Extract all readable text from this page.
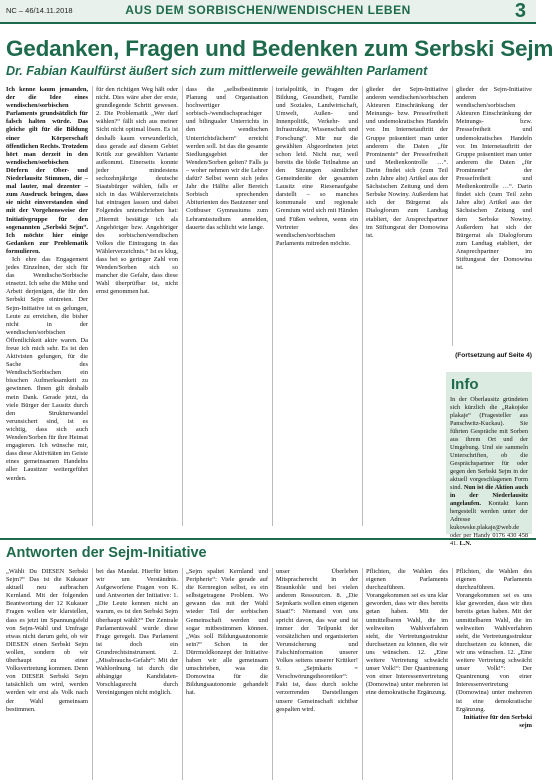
NC – 46/14.11.2018	AUS DEM SORBISCHEN/WENDISCHEN LEBEN	3
Gedanken, Fragen und Bedenken zum Serbski Sejm
Dr. Fabian Kaulfürst äußert sich zum mittlerweile gewählten Parlament

Ich kenne kaum jemanden, der die Idee eines wendischen/sorbischen Parlaments grundsätzlich für falsch halten würde. Das gleiche gilt für die Bildung einer Körperschaft öffentlichen Rechts. Trotzdem hört man derzeit in den wendischen/sorbischen Dörfern der Ober- und Niederlausitz Stimmen, die – mal lauter, mal dezenter – zum Ausdruck bringen, dass sie nicht einverstanden sind mit der Vorgehensweise der Initiativgruppe für den sogenannten „Serbski Sejm“. Ich möchte hier einige Gedanken zur Problematik formulieren.

Ich ehre das Engagement jedes Einzelnen, der sich für das Wendische/Sorbische einsetzt. Ich sehe die Mühe und Arbeit derjenigen, die für den Serbski Sejm eintreten. Der Sejm-Initiative ist es gelungen, Leute zu erreichen, die bisher nicht in der wendischen/sorbischen Öffentlichkeit aktiv waren. Da freue ich mich sehr. Es ist den Aktivisten gelungen, für die Sache des Wendisch/Sorbischen ein bisschen Aufmerksamkeit zu gewinnen. Ihnen gilt deshalb mein Dank. Gerade jetzt, da viele Bürger der Lausitz durch den Strukturwandel verunsichert sind, ist es wichtig, dass sich auch Wenden/Sorben für ihre Heimat engagieren. Ich wünsche mir, dass diese Aktivitäten im Geiste eines gemeinsamen Handelns aller Lausitzer weitergeführt werden.

für den richtigen Weg hält oder nicht. Dies wäre aber der erste, grundlegende Schritt gewesen. 2. Die Problematik „Wer darf wählen?“ fällt sich aus meiner Sicht nicht optimal lösen. Es ist deshalb kaum verwunderlich, dass gerade auf diesem Gebiet Kritik zur gewählten Variante aufkommt. Einerseits konnte jeder mindestens sechzehnjährige deutsche Staatsbürger wählen, falls er sich in das Wählerverzeichnis hat eintragen lassen und dabei Folgendes unterschrieben hat: „Hiermit bestätige ich als Angehöriger bzw. Angehöriger des sorbischen/wendischen Volkes die Eintragung in das Wählerverzeichnis.“ Ist es klug, dass bei so geringer Zahl von Wenden/Sorben sich so mancher die Gefahr, dass diese Wahl überprüfbar ist, nicht ernst genommen hat.

dass die „selbstbestimmte Planung und Organisation hochwertiger sorbisch-/wendischsprachiger und bilingualer Unterrichts in den wendischen Unterrichtsfächern“ erreicht werden soll. Ist das die gesamte Siedlungsgebiet der Wenden/Sorben gelten? Falls ja – woher nehmen wir die Lehrer dafür? Selbst wenn sich jedes Jahr die Hälfte aller Bereich Sorbisch sprechenden Abiturienten des Bautzener und Cottbuser Gymnasiums zum Lehramtsstudium anmelden, dauerte das schlicht wie lange.

torialpolitik, in Fragen der Bildung, Gesundheit, Familie und Soziales, Landwirtschaft, Umwelt, Außen- und Innenpolitik, Verkehr- und Infrastruktur, Wissenschaft und Forschung“. Mir nur die gewählten Abgeordneten jetzt schon leid. Nicht nur, weil bereits die bloße Teilnahme an den Sitzungen sämtlicher Gemeinderäte der gesamten Lausitz eine Riesenaufgabe darstellt – so manches kommunale und regionale Gremium wird sich mit Händen und Füßen wehren, wenn ein Vertreter des wendischen/sorbischen Parlaments mitreden möchte.

glieder der Sejm-Initiative anderen wendischen/sorbischen Akteuren Einschränkung der Meinungs- bzw. Pressefreiheit und undemokratisches Handeln vor. Im Internetauftritt der Gruppe präsentiert man unter anderem die Daten „für Prominente“ der Pressefreiheit und Medienkontrolle …“. Darin findet sich (zum Teil zehn Jahre alte) Artikel aus der Sächsischen Zeitung und dem Serbske Nowiny. Außerdem hat sich der Bürgerrat als Dialogforum zum Landtag etabliert, der Ansprechpartner im Stiftungsrat der Domowina ist.

glieder der Sejm-Initiative anderen wendischen/sorbischen Akteuren Einschränkung der Meinungs- bzw. Pressefreiheit und undemokratisches Handeln vor. Im Internetauftritt der Gruppe präsentiert man unter anderem die Daten „für Prominente“ der Pressefreiheit und Medienkontrolle …“. Darin findet sich (zum Teil zehn Jahre alte) Artikel aus der Sächsischen Zeitung und dem Serbske Nowiny. Außerdem hat sich der Bürgerrat als Dialogforum zum Landtag etabliert, der Ansprechpartner im Stiftungsrat der Domowina ist.

(Fortsetzung auf Seite 4)
Info
In der Oberlausitz gründeten sich kürzlich die „Rakojske plakaje“ (Fragesteller aus Panschwitz-Kuckau). Sie führten Gespräche mit Sorben aus ihrem Ort und der Umgebung. Und sie sammeln Unterschriften, ob die Gesprächspartner für oder gegen den Serbski Sejm in der aktuell vorgeschlagenen Form sind. Nun ist die Aktion auch in der Niederlausitz angelaufen. Kontakt kann hergestellt werden unter der Adresse kukowske.plakaje@web.de oder per Handy 0176 430 458 41. L.N.
Antworten der Sejm-Initiative

„Wählt Du DIESEN Serbski Sejm?“ Das ist die Kukauer aktuell neu aufbrachen Kernland. Mit der folgenden Beantwortung der 12 Kukauer Fragen wollen wir klarstellen, dass es jetzt im Spannungsfeld von Sejm-Wahl und Umfrage etwas nicht darum geht, ob wir DIESEN einen Serbski Sejm wollen, sondern ob wir überhaupt zu einer Volksvertretung kommen. Denn von DIESER Serbski Sejm tatsächlich um wird, werden werden wir erst als Volk nach der Wahl gemeinsam bestimmen.

bei das Mandat. Hierfür bitten wir um Verständnis. Aufgeworfene Fragen von K. und Antworten der Initiative: 1. „Die Leute kennen nicht an warum, es ist den Serbski Sejm überhaupt wählt?“ Der Zentrale Parlamentswahl wurde diese Frage geregelt. Das Parlament ist doch ein Grundrechtsinstrument. 2. „Missbrauchs-Gefahr“: Mit der Wahlordnung ist durch die abhängige Kandidaten-Vorschlagsrecht durch Vereinigungen nicht möglich.

„Sejm spaltet Kernland und Peripherie“: Viele gerade auf die Kernregion selbst, es ein selbstgetragene Problem. Wo gewann das mit der Wahl wieder Teil der sorbischen Gemeinschaft werden und sogar mitbestimmen können. „Was soll Bildungsautonomie sein?“ Schon in der Dürrmoldkonzept der Initiative haben wir alle gemeinsam umschrieben, was die Domowina für die Bildungsautonomie gehandelt hat.

unser Überleben Mitspracherecht in der Braunkohle und bei vielen anderen Ressourcen. 8. „Die Sejmkaris wollen einen eigenen Staat!“: Niemand von uns spricht davon, das war und ist immer der Teilpunkt der vorsätzlichen und organisierten Verunsicherung und Falschinformation unserer Volkes seitens unserer Kritiker! 9. „Sejmkaris = Verschwörungstheoretiker“: Fakt ist, dass durch solche verzerrenden Darstellungen unsere Gemeinschaft sichtbar gespalten wird.

Pflichten, die Wahlen des eigenen Parlaments durchzuführen. Vorangekommen sei es uns klar geworden, dass wir dies bereits getan haben. Mit der unmittelbaren Wahl, die im weltweiten Wahlverfahren steht, die Vertretungsstruktur durchsetzen zu können, die wir uns wünschen. 12. „Eine weitere Vertretung schwächt unser Volk!“: Der Quantrenung von einer Interessenvertretung (Domowina) unter mehreren ist eine demokratische Ergänzung.

Pflichten, die Wahlen des eigenen Parlaments durchzuführen. Vorangekommen sei es uns klar geworden, dass wir dies bereits getan haben. Mit der unmittelbaren Wahl, die im weltweiten Wahlverfahren steht, die Vertretungsstruktur durchsetzen zu können, die wir uns wünschen. 12. „Eine weitere Vertretung schwächt unser Volk!“: Der Quantrenung von einer Interessenvertretung (Domowina) unter mehreren ist eine demokratische Ergänzung.

Initiative für den Serbski sejm
